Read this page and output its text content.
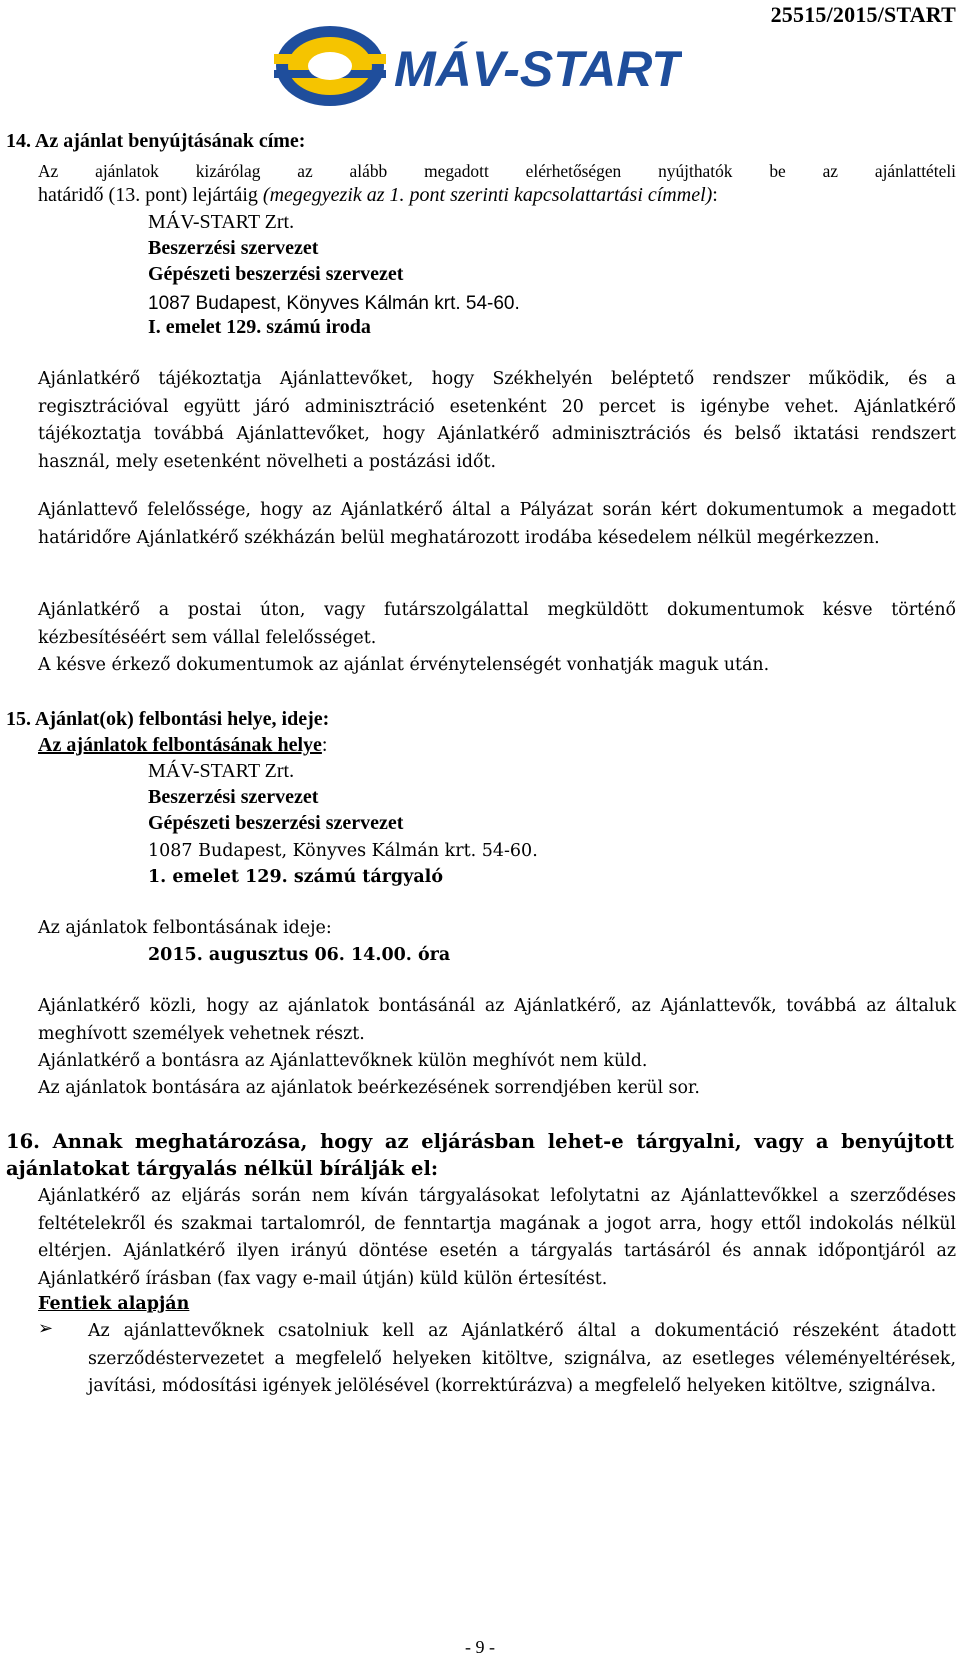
25515/2015/START
MÁV-START
14. Az ajánlat benyújtásának címe:
Az ajánlatok kizárólag az alább megadott elérhetőségen nyújthatók be az ajánlattételi
határidő (13. pont) lejártáig (megegyezik az 1. pont szerinti kapcsolattartási címmel):
MÁV-START Zrt.
Beszerzési szervezet
Gépészeti beszerzési szervezet
1087 Budapest, Könyves Kálmán krt. 54-60.
I. emelet 129. számú iroda
Ajánlatkérő tájékoztatja Ajánlattevőket, hogy Székhelyén beléptető rendszer működik, és a regisztrációval együtt járó adminisztráció esetenként 20 percet is igénybe vehet. Ajánlatkérő tájékoztatja továbbá Ajánlattevőket, hogy Ajánlatkérő adminisztrációs és belső iktatási rendszert használ, mely esetenként növelheti a postázási időt.
Ajánlattevő felelőssége, hogy az Ajánlatkérő által a Pályázat során kért dokumentumok a megadott határidőre Ajánlatkérő székházán belül meghatározott irodába késedelem nélkül megérkezzen.
Ajánlatkérő a postai úton, vagy futárszolgálattal megküldött dokumentumok késve történő kézbesítéséért sem vállal felelősséget.
A késve érkező dokumentumok az ajánlat érvénytelenségét vonhatják maguk után.
15. Ajánlat(ok) felbontási helye, ideje:
Az ajánlatok felbontásának helye:
MÁV-START Zrt.
Beszerzési szervezet
Gépészeti beszerzési szervezet
1087 Budapest, Könyves Kálmán krt. 54-60.
1. emelet 129. számú tárgyaló
Az ajánlatok felbontásának ideje:
2015. augusztus 06. 14.00. óra
Ajánlatkérő közli, hogy az ajánlatok bontásánál az Ajánlatkérő, az Ajánlattevők, továbbá az általuk meghívott személyek vehetnek részt.
Ajánlatkérő a bontásra az Ajánlattevőknek külön meghívót nem küld.
Az ajánlatok bontására az ajánlatok beérkezésének sorrendjében kerül sor.
16. Annak meghatározása, hogy az eljárásban lehet-e tárgyalni, vagy a benyújtott ajánlatokat tárgyalás nélkül bírálják el:
Ajánlatkérő az eljárás során nem kíván tárgyalásokat lefolytatni az Ajánlattevőkkel a szerződéses feltételekről és szakmai tartalomról, de fenntartja magának a jogot arra, hogy ettől indokolás nélkül eltérjen. Ajánlatkérő ilyen irányú döntése esetén a tárgyalás tartásáról és annak időpontjáról az Ajánlatkérő írásban (fax vagy e-mail útján) küld külön értesítést.
Fentiek alapján
➢ Az ajánlattevőknek csatolniuk kell az Ajánlatkérő által a dokumentáció részeként átadott szerződéstervezetet a megfelelő helyeken kitöltve, szignálva, az esetleges véleményeltérések, javítási, módosítási igények jelölésével (korrektúrázva) a megfelelő helyeken kitöltve, szignálva.
- 9 -
